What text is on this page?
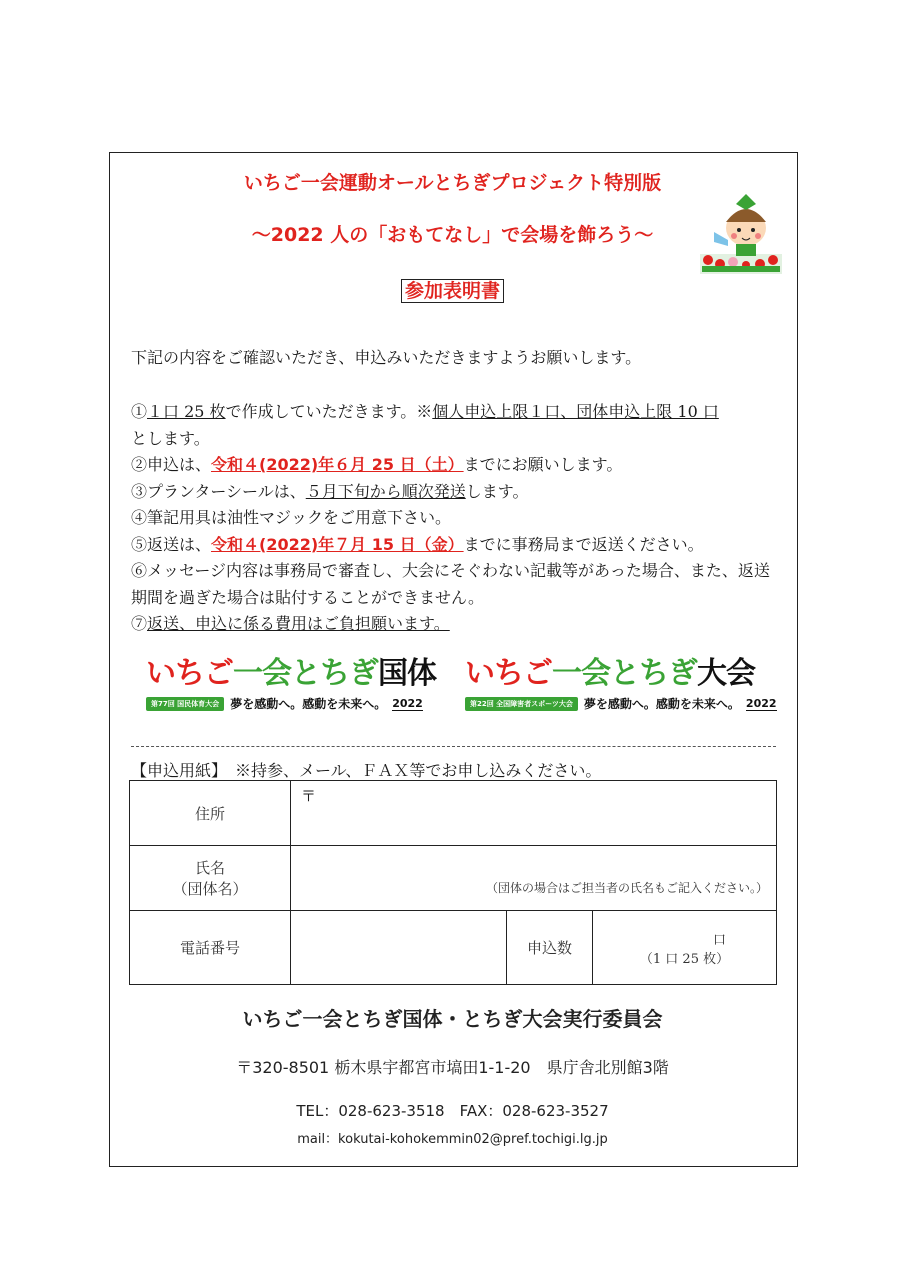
いちご一会運動オールとちぎプロジェクト特別版
～2022 人の「おもてなし」で会場を飾ろう～
参加表明書
下記の内容をご確認いただき、申込みいただきますようお願いします。

①１口 25 枚で作成していただきます。※個人申込上限１口、団体申込上限 10 口
とします。

②申込は、令和４(2022)年６月 25 日（土）までにお願いします。

③プランターシールは、５月下旬から順次発送します。

④筆記用具は油性マジックをご用意下さい。

⑤返送は、令和４(2022)年７月 15 日（金）までに事務局まで返送ください。

⑥メッセージ内容は事務局で審査し、大会にそぐわない記載等があった場合、また、返送期間を過ぎた場合は貼付することができません。

⑦返送、申込に係る費用はご負担願います。

いちご一会とちぎ国体
第77回 国民体育大会 夢を感動へ。感動を未来へ。 2022
いちご一会とちぎ大会
第22回 全国障害者スポーツ大会 夢を感動へ。感動を未来へ。 2022
【申込用紙】　※持参、メール、ＦＡＸ等でお申し込みください。
住所	〒		

氏名
（団体名）	（団体の場合はご担当者の氏名もご記入ください。）		
電話番号		申込数	口
（1 口 25 枚）
いちご一会とちぎ国体・とちぎ大会実行委員会
〒320-8501 栃木県宇都宮市塙田1-1-20　県庁舎北別館3階
TEL：028-623-3518　FAX：028-623-3527
mail：kokutai-kohokemmin02@pref.tochigi.lg.jp
